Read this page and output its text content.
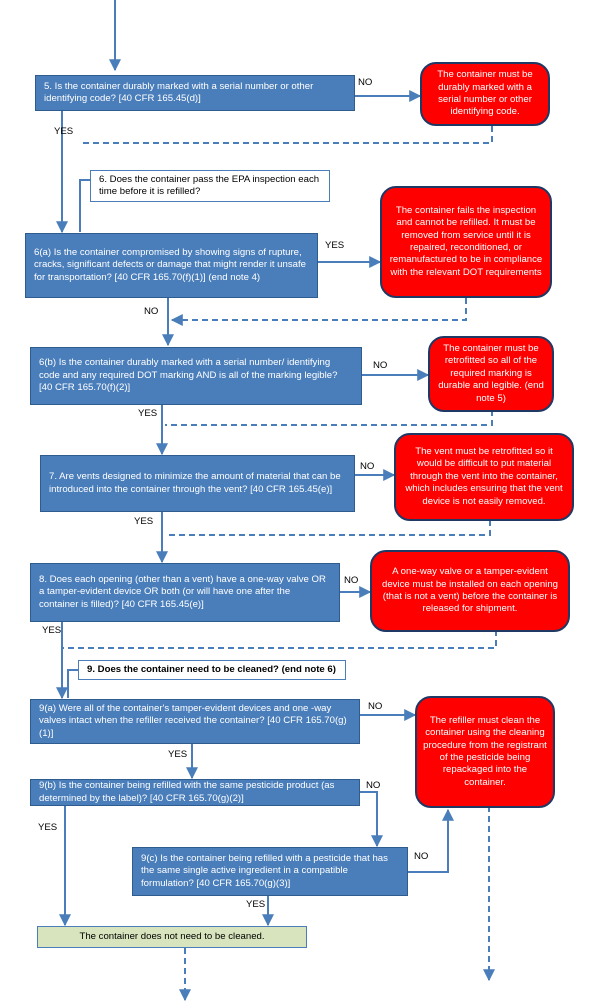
5. Is the container durably marked with a serial number or other identifying code? [40 CFR 165.45(d)]
The container must be durably marked with a serial number or other identifying code.
NO
YES
6. Does the container pass the EPA inspection each time before it is refilled?
6(a) Is the container compromised by showing signs of rupture, cracks, significant defects or damage that might render it unsafe for transportation? [40 CFR 165.70(f)(1)] (end note 4)
The container fails the inspection and cannot be refilled. It must be removed from service until it is repaired, reconditioned, or remanufactured to be in compliance with the relevant DOT requirements
YES
NO
6(b) Is the container durably marked with a serial number/ identifying code and any required DOT marking AND is all of the marking legible? [40 CFR 165.70(f)(2)]
The container must be retrofitted so all of the required marking is durable and legible. (end note 5)
NO
YES
7. Are vents designed to minimize the amount of material that can be introduced into the container through the vent? [40 CFR 165.45(e)]
The vent must be retrofitted so it would be difficult to put material through the vent into the container, which includes ensuring that the vent device is not easily removed.
NO
YES
8. Does each opening (other than a vent) have a one-way valve OR a tamper-evident device OR both (or will have one after the container is filled)? [40 CFR 165.45(e)]
A one-way valve or a tamper-evident device must be installed on each opening (that is not a vent) before the container is released for shipment.
NO
YES
9. Does the container need to be cleaned? (end note 6)
9(a) Were all of the container's tamper-evident devices and one -way valves intact when the refiller received the container? [40 CFR 165.70(g)(1)]
NO
YES
The refiller must clean the container using the cleaning procedure from the registrant of the pesticide being repackaged into the container.
9(b) Is the container being refilled with the same pesticide product (as determined by the label)? [40 CFR 165.70(g)(2)]
NO
YES
9(c) Is the container being refilled with a pesticide that has the same single active ingredient in a compatible formulation? [40 CFR 165.70(g)(3)]
NO
YES
The container does not need to be cleaned.
